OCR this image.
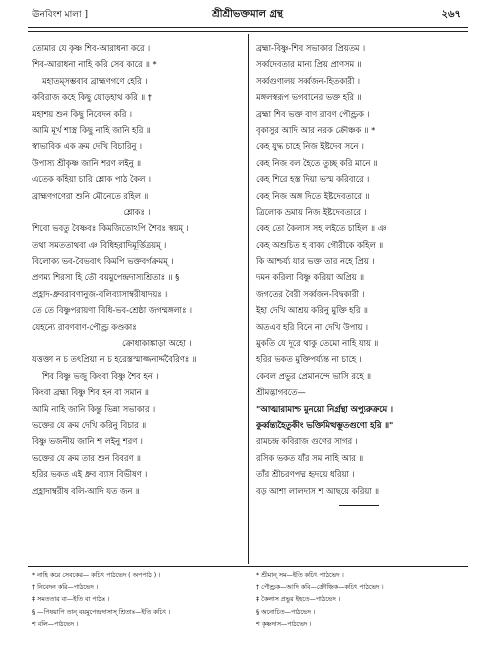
ঊনবিংশ মালা ]	শ্রীশ্রীভক্তমাল গ্রন্থ	২৬৭
তোমার যে কৃষ্ণ শিব-আরাধনা করে ।
শিব-আরাধনা নাহি করি সেব কারে ॥ *
মহাতম্‌সম্ভবাব ব্রাহ্মণগণে হেরি ।
কবিরাজ কহে কিছু যোড়হাথ করি ॥ †
মহাশয় শুন কিছু নিবেদন করি ।
আমি মূর্খ শাস্ত্র কিছু নাহি জানি হরি ॥
স্বাভাবিক এক ক্রম দেখি বিচারিনু ।
উপাস্য শ্রীকৃষ্ণ জানি শরণ লইনু ॥
এতেক কহিয়া চারি শ্লোক পাঠ কৈল ।
ব্রাহ্মণগণেরা শুনি মৌনেতে রহিল ॥
শ্লোকঃ ।
শিবো ভবতু বৈষ্ণবঃ কিমজিতোঽপি শৈবঃ স্বয়ম্ ।
তথা সমততাথবা ঞ বিধিহরাদিমূর্ত্তিত্রয়ম্ ।
বিলোক্য ভব-বৈভবাৎ কিমপি ভক্তবর্গক্রমম্ ।
প্রণম্য শিরসা হি তৌ বয়মুপেন্দ্রদাস্যশ্রিতাঃ ॥ §
প্রহ্লাদ-ধ্রুবরাবণানুজ-বলিব্যাসাম্বরীষাদয়ঃ ।
তে তে বিষ্ণুপরায়ণা বিধি-ভব-শ্রেষ্ঠা জগম্মঙ্গলাঃ ।
যেহন্যে রাবণবাণ-পৌণ্ড্র কণ্ডকাঃ
ক্রোধাকাঙ্কাড়া অহো ।
যত্তক্তা ন চ তৎপ্রিয়া ন চ হরেস্তস্মাজ্জনাৰ্দ্দবৈরিণঃ ॥
শিব বিষ্ণু ভজু কিংবা বিষ্ণু শৈব হন ।
কিংবা ব্রহ্মা বিষ্ণু শিব হন বা সমান ॥
আমি নাহি জানি কিন্তু ভিন্না সভাকার ।
ভক্তের যে ক্রম দেখি করিনু বিচার ॥
বিষ্ণু ভজনীয় জানি শ লইনু শরণ ।
ভক্তের যে ক্রম তার শুন বিবরণ ॥
হরির ভকত এই ধ্রুব ব্যাস বিভীষণ ।
প্রহ্লাদাম্বরীষ বলি-আদি যত জন ॥
ব্রহ্মা-বিষ্ণু-শিব সভাকার প্রিয়তম ।
সর্ব্বদেবতার মান্য প্রিয় প্রাণসম ॥
সর্ব্বগুণালয় সর্ব্বজন-হিতকারী ।
মঙ্গলস্বরূপ ভগবানের ভক্ত হরি ॥
ব্রহ্মা শিব ভক্ত বাণ রাবণ পৌণ্ড্রক ।
বৃকাসুর আদি আর নরক ক্রৌঞ্চক ॥ *
কেহ যুদ্ধ চাহে নিজ ইষ্টদেব সনে ।
কেহ নিজ বল হৈতে তুচ্ছ করি মানে ॥
কেহ শিরে হস্ত দিয়া ভস্ম করিবারে ।
কেহ নিজ অঙ্গ দিতে ইষ্টদেবতারে ॥
ত্রিলোক ভ্রমায় নিজ ইষ্টদেবতারে ।
কেহ তো কৈলাস সহ লইতে চাহিল ॥ ঞ
কেহ অশুচিত হ বাক্য গৌরীকে কহিল ॥
কি আশ্চর্য্য যার ভক্ত তার নহে প্রিয় ।
দমন করিলা বিষ্ণু করিয়া অপ্রিয় ॥
জগতের বৈরী সর্ব্বজন-বিদ্বকারী ।
ইহা দেখি আশ্রয় করিনু মুক্তি হরি ॥
অতএব হরি বিনে না দেখি উপায় ।
মুকতি যে দূরে থাকু তেমো নাহি যায় ॥
হরির ভকত মুক্তিপর্য্যন্ত না চাহে ।
কেবল প্রভুর প্রেমানন্দে ভাসি রহে ॥
শ্রীমদ্ভাগবতে—
"আত্মারামাশ্চ মুনয়ো নির্গ্রন্থা অপ্যুরুক্রমে ।
কুর্ব্বন্ত্যহৈতুকীং ভক্তিমিত্থম্ভূতগুণো হরি ॥"
রামচন্দ্র কবিরাজ গুণের সাগর ।
রসিক ভকত যাঁর সম নাহি আর ॥
তাঁর শ্রীচরণপদ্ম হৃদয়ে ধরিয়া ।
বড় আশা লালদাস শ আছয়ে করিয়া ॥
* নাহি করে সেবকের— কচিৎ পাঠভেদ ( অপপাঠ ) ।
† নিবেদন করি—পাঠভেদ ।
‡ সমততার বা—ইতি বা পাঠঃ ।
§ —পিষয়াপি তান্‌ বয়মুপেন্দ্রদাসাস্‌ শ্রিতাঃ—ইতি কচিৎ ।
শ বলি—পাঠভেদ ।
* শ্রীমান্ সম—ইতি কচিৎ পাঠভেদ ।
† পৌণ্ড্রক—আদি কবি—ক্রৌঞ্চিক—কচিৎ পাঠভেদ ।
‡ কৈলাস প্রভুর ইহতে—পাঠভেদ ।
§ অনোচিত—পাঠভেদ ।
শ কৃষ্ণদাস—পাঠভেদ ।
